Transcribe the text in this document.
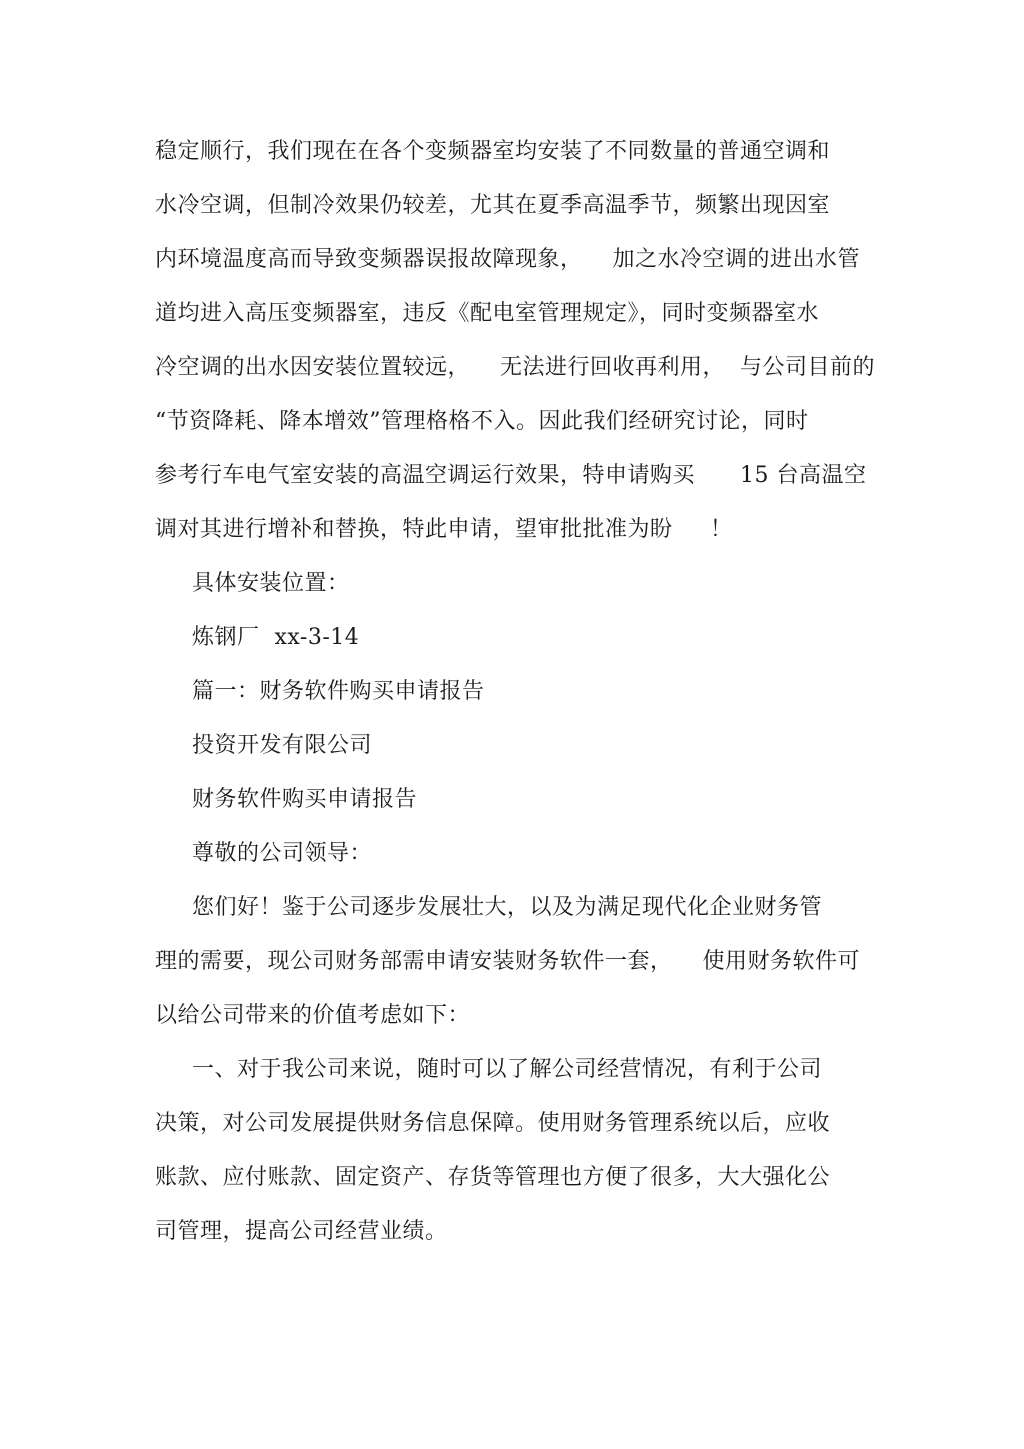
稳定顺行，我们现在在各个变频器室均安装了不同数量的普通空调和
水冷空调，但制冷效果仍较差，尤其在夏季高温季节，频繁出现因室
内环境温度高而导致变频器误报故障现象，    加之水冷空调的进出水管
道均进入高压变频器室，违反《配电室管理规定》，同时变频器室水
冷空调的出水因安装位置较远，    无法进行回收再利用，  与公司目前的
“节资降耗、降本增效”管理格格不入。因此我们经研究讨论，同时
参考行车电气室安装的高温空调运行效果，特申请购买      15 台高温空
调对其进行增补和替换，特此申请，望审批批准为盼     ！
具体安装位置：
炼钢厂  xx-3-14
篇一：财务软件购买申请报告
投资开发有限公司
财务软件购买申请报告
尊敬的公司领导：
您们好！鉴于公司逐步发展壮大，以及为满足现代化企业财务管
理的需要，现公司财务部需申请安装财务软件一套，    使用财务软件可
以给公司带来的价值考虑如下：
一、对于我公司来说，随时可以了解公司经营情况，有利于公司
决策，对公司发展提供财务信息保障。使用财务管理系统以后，应收
账款、应付账款、固定资产、存货等管理也方便了很多，大大强化公
司管理，提高公司经营业绩。
